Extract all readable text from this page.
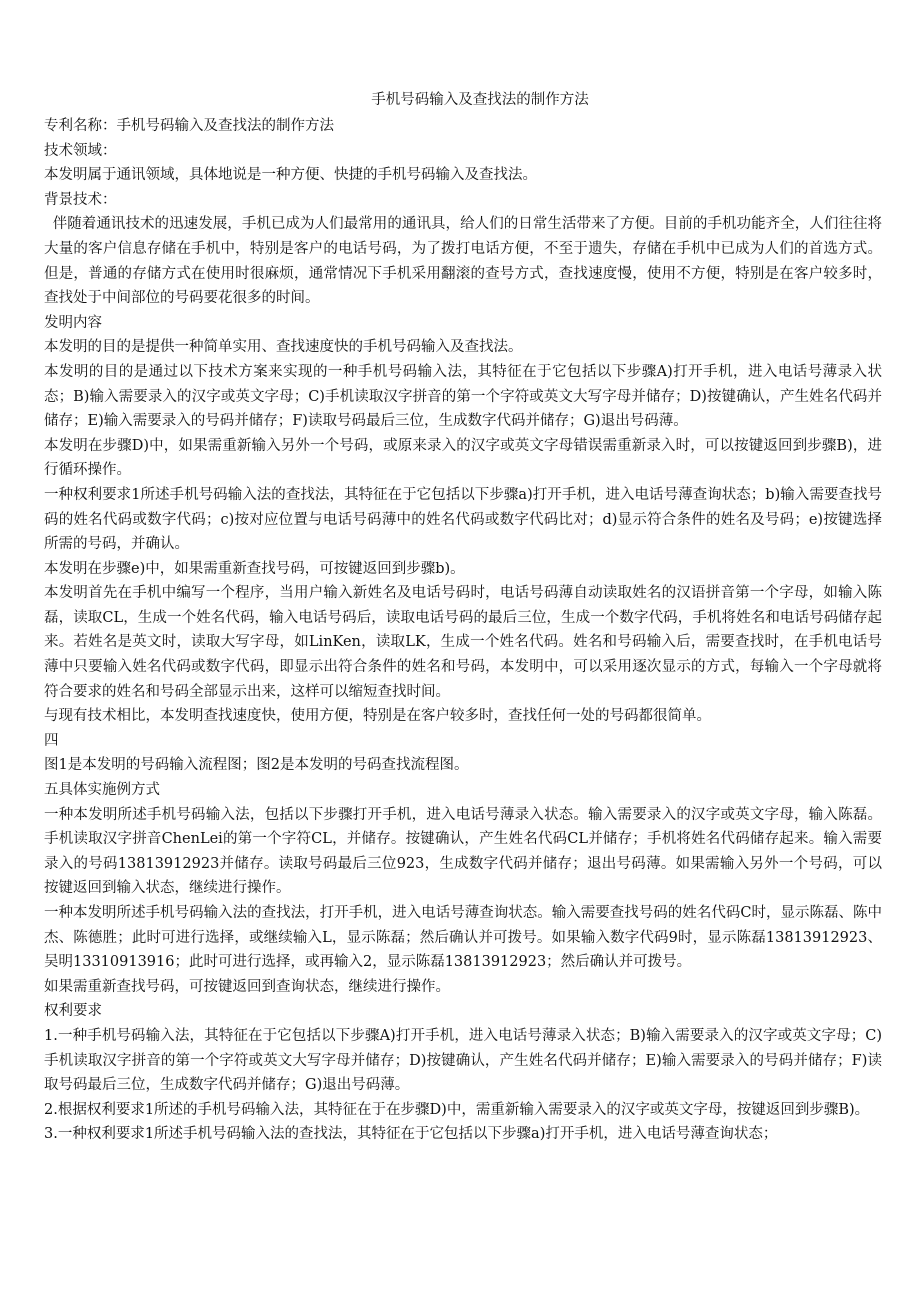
手机号码输入及查找法的制作方法

专利名称：手机号码输入及查找法的制作方法

技术领域：

本发明属于通讯领域，具体地说是一种方便、快捷的手机号码输入及查找法。

背景技术：

伴随着通讯技术的迅速发展，手机已成为人们最常用的通讯具，给人们的日常生活带来了方便。目前的手机功能齐全，人们往往将大量的客户信息存储在手机中，特别是客户的电话号码，为了拨打电话方便，不至于遗失，存储在手机中已成为人们的首选方式。但是，普通的存储方式在使用时很麻烦，通常情况下手机采用翻滚的查号方式，查找速度慢，使用不方便，特别是在客户较多时，查找处于中间部位的号码要花很多的时间。

发明内容

本发明的目的是提供一种简单实用、查找速度快的手机号码输入及查找法。

本发明的目的是通过以下技术方案来实现的一种手机号码输入法，其特征在于它包括以下步骤A)打开手机，进入电话号薄录入状态；B)输入需要录入的汉字或英文字母；C)手机读取汉字拼音的第一个字符或英文大写字母并储存；D)按键确认，产生姓名代码并储存；E)输入需要录入的号码并储存；F)读取号码最后三位，生成数字代码并储存；G)退出号码薄。

本发明在步骤D)中，如果需重新输入另外一个号码，或原来录入的汉字或英文字母错误需重新录入时，可以按键返回到步骤B)，进行循环操作。

一种权利要求1所述手机号码输入法的查找法，其特征在于它包括以下步骤a)打开手机，进入电话号薄查询状态；b)输入需要查找号码的姓名代码或数字代码；c)按对应位置与电话号码薄中的姓名代码或数字代码比对；d)显示符合条件的姓名及号码；e)按键选择所需的号码，并确认。

本发明在步骤e)中，如果需重新查找号码，可按键返回到步骤b)。

本发明首先在手机中编写一个程序，当用户输入新姓名及电话号码时，电话号码薄自动读取姓名的汉语拼音第一个字母，如输入陈磊，读取CL，生成一个姓名代码，输入电话号码后，读取电话号码的最后三位，生成一个数字代码，手机将姓名和电话号码储存起来。若姓名是英文时，读取大写字母，如LinKen，读取LK，生成一个姓名代码。姓名和号码输入后，需要查找时，在手机电话号薄中只要输入姓名代码或数字代码，即显示出符合条件的姓名和号码，本发明中，可以采用逐次显示的方式，每输入一个字母就将符合要求的姓名和号码全部显示出来，这样可以缩短查找时间。

与现有技术相比，本发明查找速度快，使用方便，特别是在客户较多时，查找任何一处的号码都很简单。

四

图1是本发明的号码输入流程图；图2是本发明的号码查找流程图。

五具体实施例方式

一种本发明所述手机号码输入法，包括以下步骤打开手机，进入电话号薄录入状态。输入需要录入的汉字或英文字母，输入陈磊。手机读取汉字拼音ChenLei的第一个字符CL，并储存。按键确认，产生姓名代码CL并储存；手机将姓名代码储存起来。输入需要录入的号码13813912923并储存。读取号码最后三位923，生成数字代码并储存；退出号码薄。如果需输入另外一个号码，可以按键返回到输入状态，继续进行操作。

一种本发明所述手机号码输入法的查找法，打开手机，进入电话号薄查询状态。输入需要查找号码的姓名代码C时，显示陈磊、陈中杰、陈德胜；此时可进行选择，或继续输入L，显示陈磊；然后确认并可拨号。如果输入数字代码9时，显示陈磊13813912923、吴明13310913916；此时可进行选择，或再输入2，显示陈磊13813912923；然后确认并可拨号。

如果需重新查找号码，可按键返回到查询状态，继续进行操作。

权利要求

1.一种手机号码输入法，其特征在于它包括以下步骤A)打开手机，进入电话号薄录入状态；B)输入需要录入的汉字或英文字母；C)手机读取汉字拼音的第一个字符或英文大写字母并储存；D)按键确认，产生姓名代码并储存；E)输入需要录入的号码并储存；F)读取号码最后三位，生成数字代码并储存；G)退出号码薄。

2.根据权利要求1所述的手机号码输入法，其特征在于在步骤D)中，需重新输入需要录入的汉字或英文字母，按键返回到步骤B)。

3.一种权利要求1所述手机号码输入法的查找法，其特征在于它包括以下步骤a)打开手机，进入电话号薄查询状态；
